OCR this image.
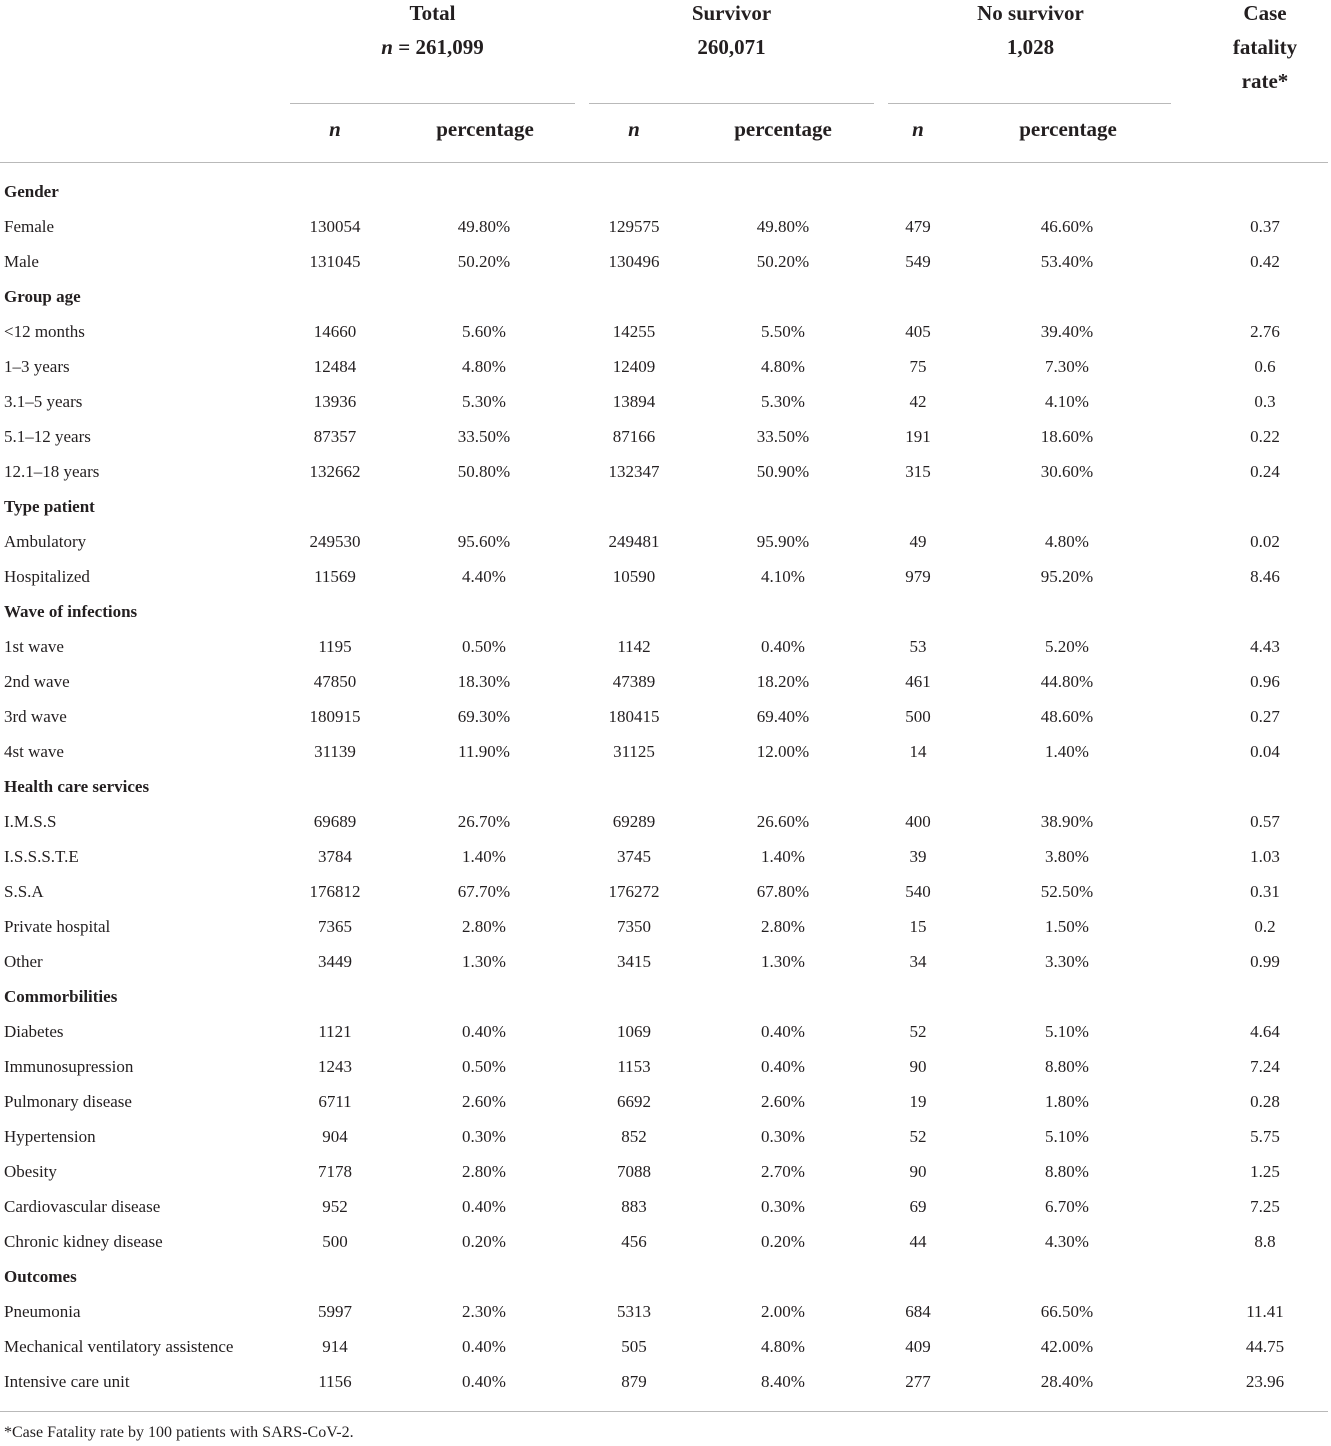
Total
n = 261,099
Survivor
260,071
No survivor
1,028
Case
fatality
rate*
n	percentage	n	percentage	n	percentage
Gender
Female	130054	49.80%	129575	49.80%	479	46.60%	0.37
Male	131045	50.20%	130496	50.20%	549	53.40%	0.42
Group age
<12 months	14660	5.60%	14255	5.50%	405	39.40%	2.76
1–3 years	12484	4.80%	12409	4.80%	75	7.30%	0.6
3.1–5 years	13936	5.30%	13894	5.30%	42	4.10%	0.3
5.1–12 years	87357	33.50%	87166	33.50%	191	18.60%	0.22
12.1–18 years	132662	50.80%	132347	50.90%	315	30.60%	0.24
Type patient
Ambulatory	249530	95.60%	249481	95.90%	49	4.80%	0.02
Hospitalized	11569	4.40%	10590	4.10%	979	95.20%	8.46
Wave of infections
1st wave	1195	0.50%	1142	0.40%	53	5.20%	4.43
2nd wave	47850	18.30%	47389	18.20%	461	44.80%	0.96
3rd wave	180915	69.30%	180415	69.40%	500	48.60%	0.27
4st wave	31139	11.90%	31125	12.00%	14	1.40%	0.04
Health care services
I.M.S.S	69689	26.70%	69289	26.60%	400	38.90%	0.57
I.S.S.S.T.E	3784	1.40%	3745	1.40%	39	3.80%	1.03
S.S.A	176812	67.70%	176272	67.80%	540	52.50%	0.31
Private hospital	7365	2.80%	7350	2.80%	15	1.50%	0.2
Other	3449	1.30%	3415	1.30%	34	3.30%	0.99
Commorbilities
Diabetes	1121	0.40%	1069	0.40%	52	5.10%	4.64
Immunosupression	1243	0.50%	1153	0.40%	90	8.80%	7.24
Pulmonary disease	6711	2.60%	6692	2.60%	19	1.80%	0.28
Hypertension	904	0.30%	852	0.30%	52	5.10%	5.75
Obesity	7178	2.80%	7088	2.70%	90	8.80%	1.25
Cardiovascular disease	952	0.40%	883	0.30%	69	6.70%	7.25
Chronic kidney disease	500	0.20%	456	0.20%	44	4.30%	8.8
Outcomes
Pneumonia	5997	2.30%	5313	2.00%	684	66.50%	11.41
Mechanical ventilatory assistence	914	0.40%	505	4.80%	409	42.00%	44.75
Intensive care unit	1156	0.40%	879	8.40%	277	28.40%	23.96
*Case Fatality rate by 100 patients with SARS-CoV-2.
